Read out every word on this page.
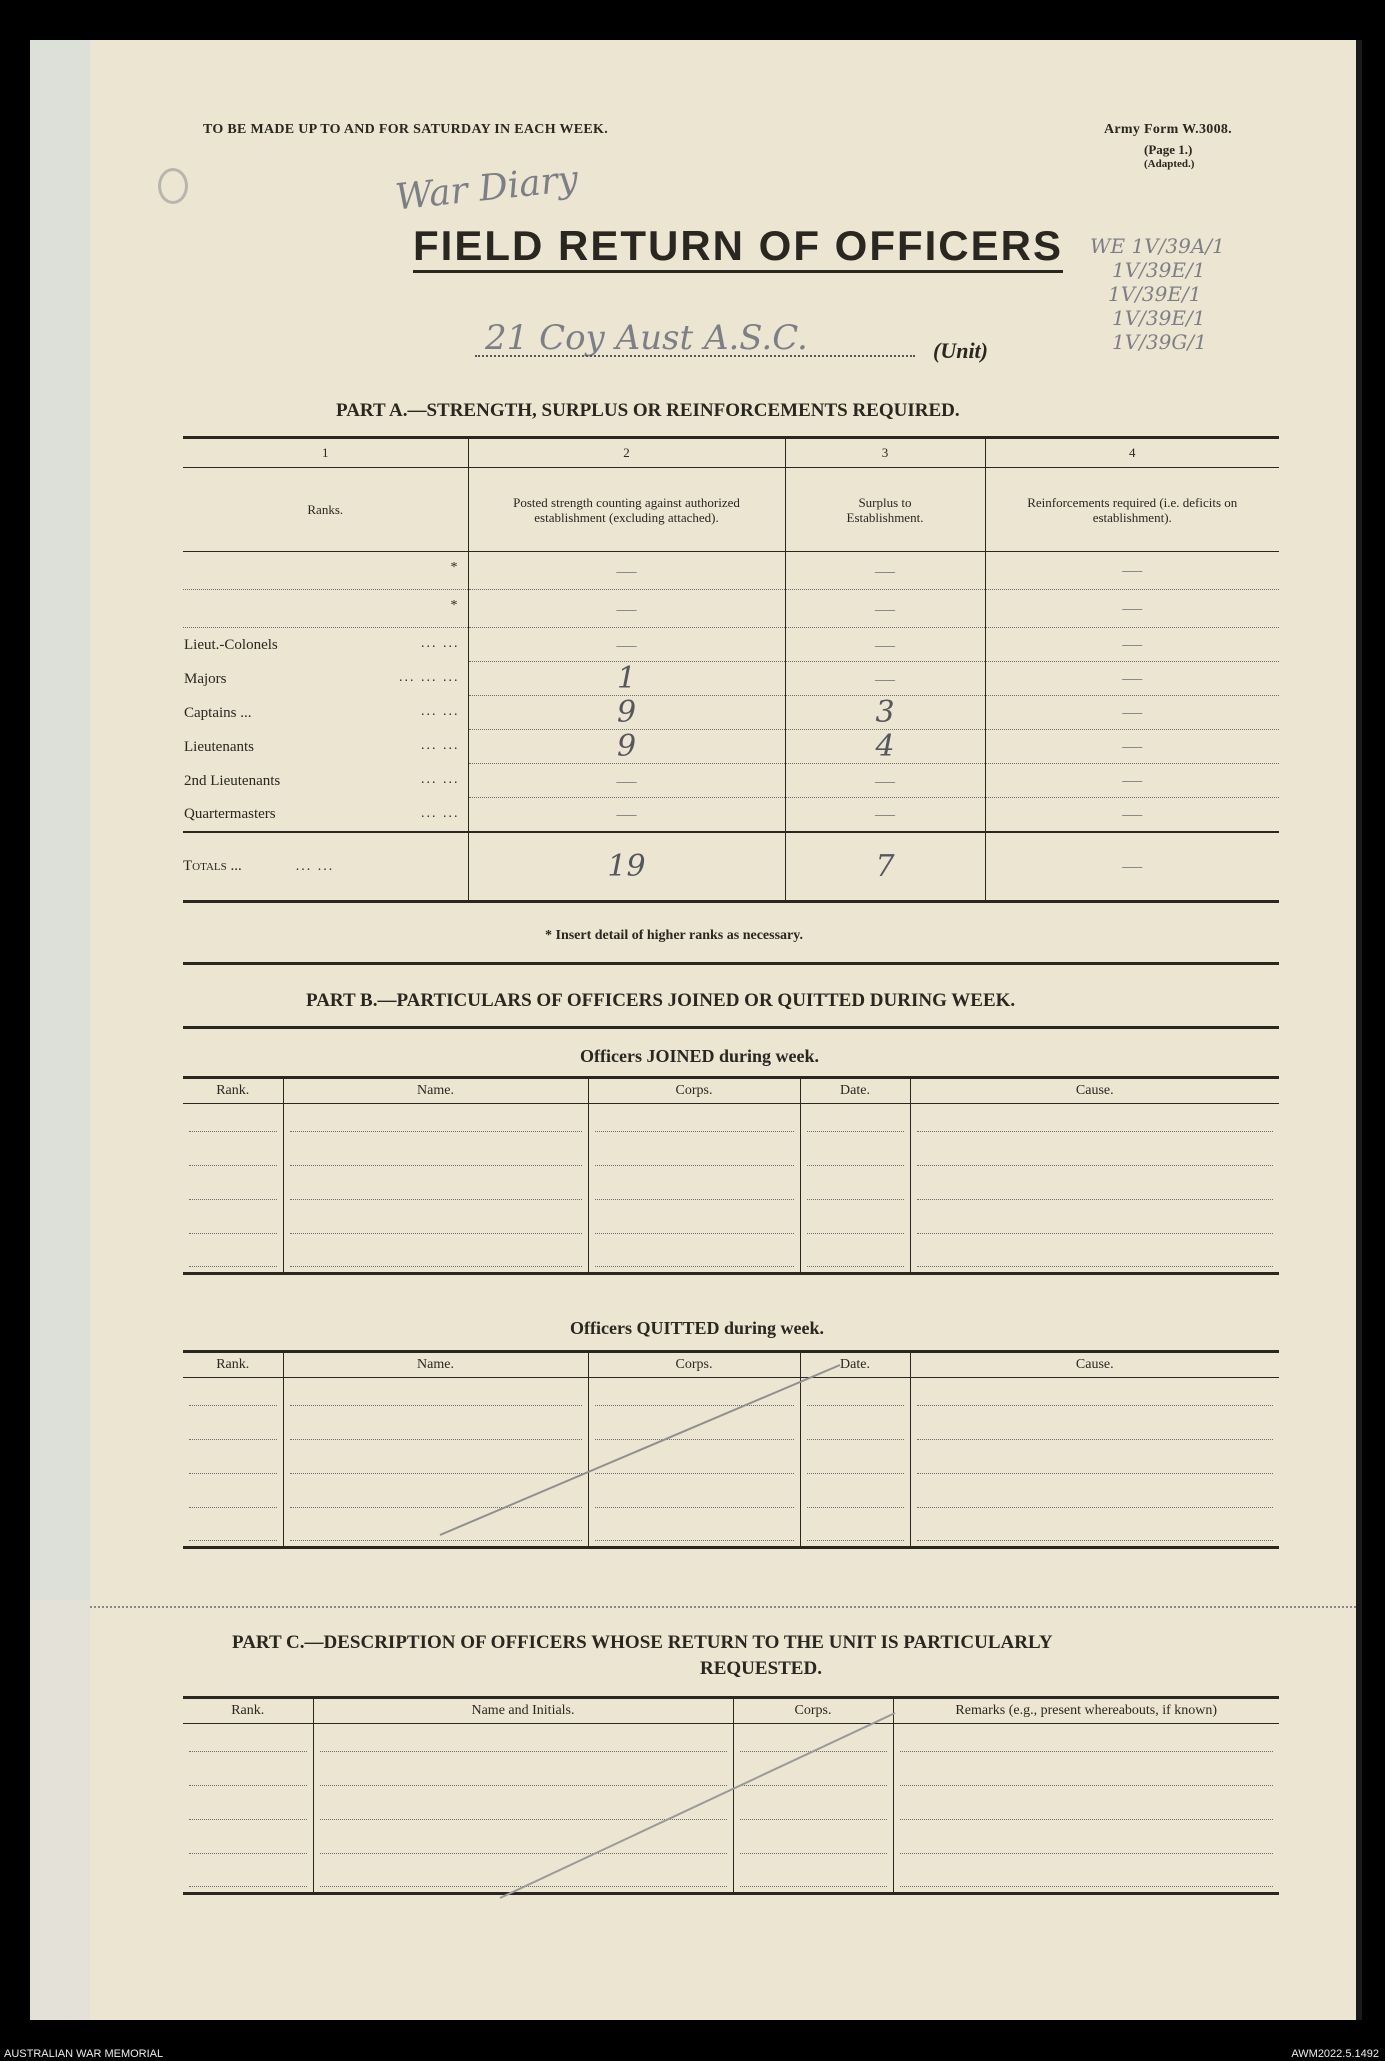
TO BE MADE UP TO AND FOR SATURDAY IN EACH WEEK.	Army Form W.3008.
(Page 1.)
(Adapted.)
War Diary
FIELD RETURN OF OFFICERS WE 1V/39A/1
1V/39E/1
1V/39E/1
1V/39E/1
1V/39G/1
21 Coy Aust A.S.C.	(Unit)
PART A.—STRENGTH, SURPLUS OR REINFORCEMENTS REQUIRED.
1	2	3	4
Ranks.	Posted strength counting against authorized establishment (excluding attached).	Surplus to Establishment.	Reinforcements required (i.e. deficits on establishment).

*	—	—	—

*	—	—	—
Lieut.-Colonels ... ...	—	—	—
Majors ... ... ...	1	—	—
Captains ... ... ...	9	3	—
Lieutenants ... ...	9	4	—
2nd Lieutenants ... ...	—	—	—
Quartermasters ... ...	—	—	—
Totals ... ... ...	19	7	—
* Insert detail of higher ranks as necessary.
PART B.—PARTICULARS OF OFFICERS JOINED OR QUITTED DURING WEEK.
Officers JOINED during week.
Rank.	Name.	Corps.	Date.	Cause.

Officers QUITTED during week.
Rank.	Name.	Corps.	Date.	Cause.

PART C.—DESCRIPTION OF OFFICERS WHOSE RETURN TO THE UNIT IS PARTICULARLY
REQUESTED.
Rank.	Name and Initials.	Corps.	Remarks (e.g., present whereabouts, if known)

AUSTRALIAN WAR MEMORIAL	AWM2022.5.1492
